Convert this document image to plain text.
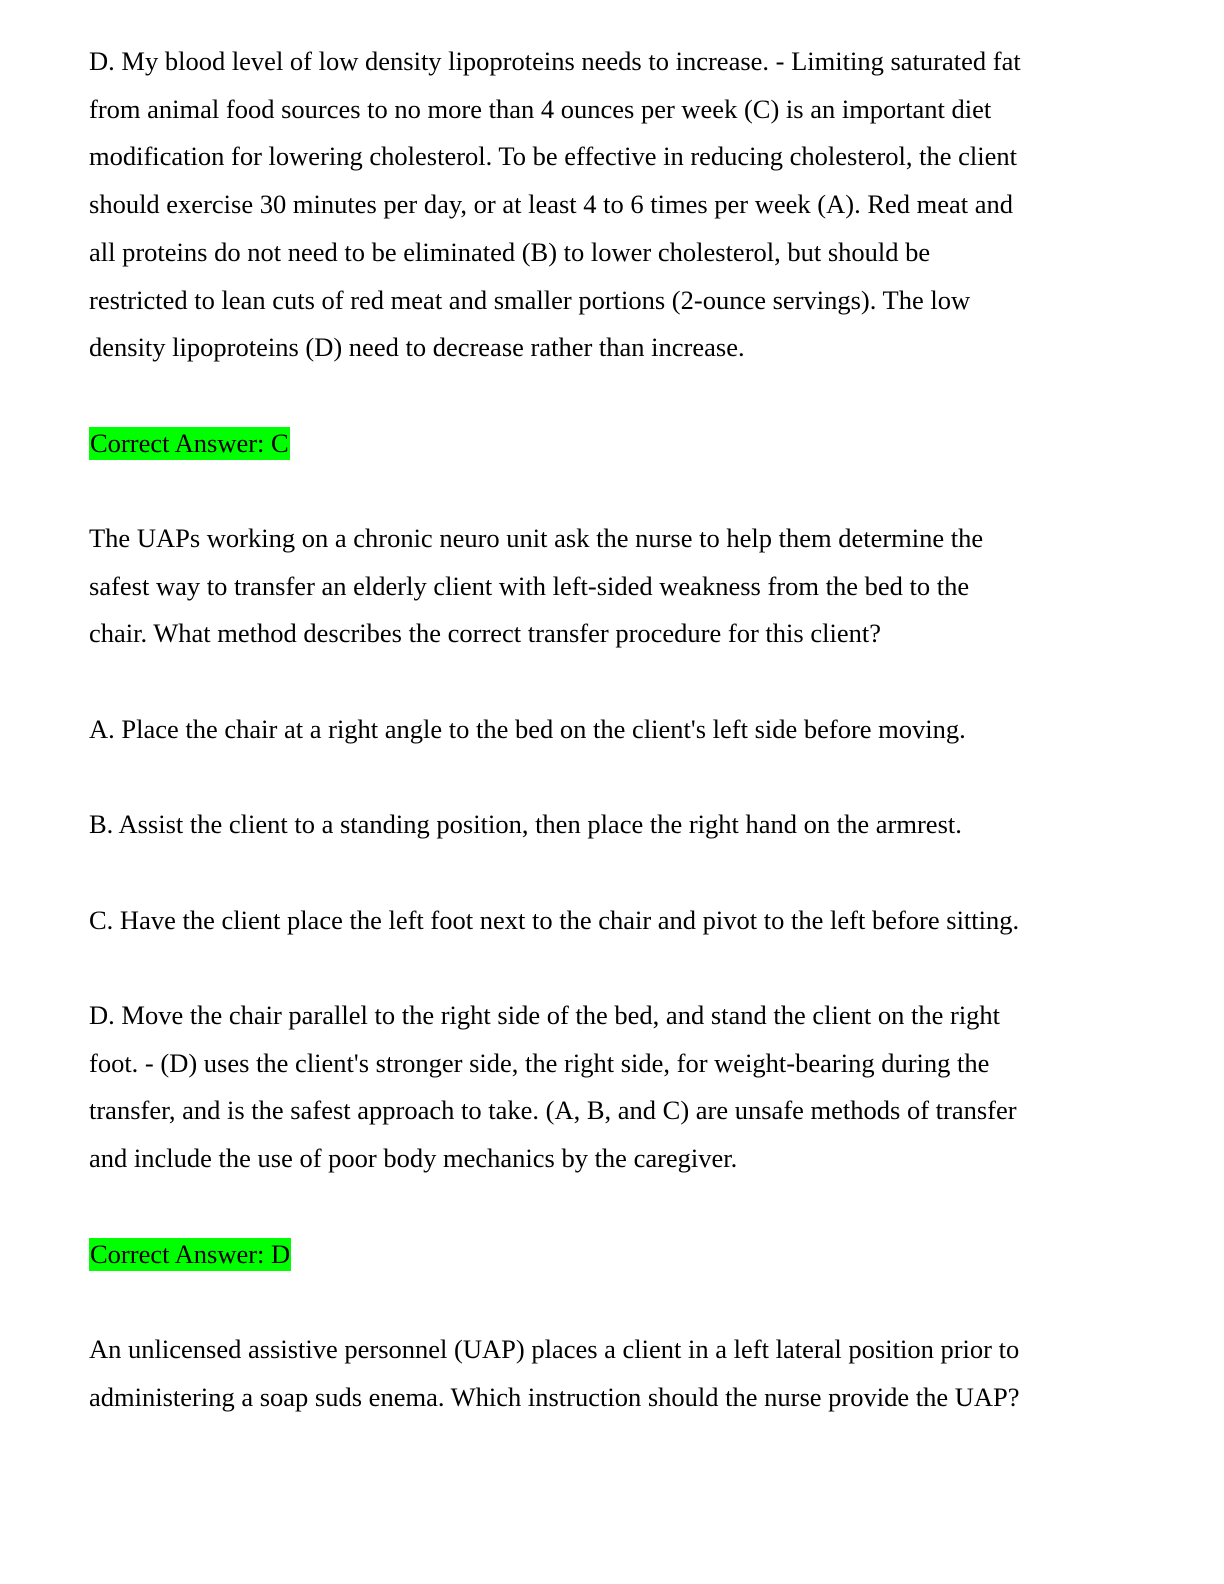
D. My blood level of low density lipoproteins needs to increase. - Limiting saturated fat
from animal food sources to no more than 4 ounces per week (C) is an important diet
modification for lowering cholesterol. To be effective in reducing cholesterol, the client
should exercise 30 minutes per day, or at least 4 to 6 times per week (A). Red meat and
all proteins do not need to be eliminated (B) to lower cholesterol, but should be
restricted to lean cuts of red meat and smaller portions (2-ounce servings). The low
density lipoproteins (D) need to decrease rather than increase.

Correct Answer: C

The UAPs working on a chronic neuro unit ask the nurse to help them determine the
safest way to transfer an elderly client with left-sided weakness from the bed to the
chair. What method describes the correct transfer procedure for this client?

A. Place the chair at a right angle to the bed on the client's left side before moving.

B. Assist the client to a standing position, then place the right hand on the armrest.

C. Have the client place the left foot next to the chair and pivot to the left before sitting.

D. Move the chair parallel to the right side of the bed, and stand the client on the right
foot. - (D) uses the client's stronger side, the right side, for weight-bearing during the
transfer, and is the safest approach to take. (A, B, and C) are unsafe methods of transfer
and include the use of poor body mechanics by the caregiver.

Correct Answer: D

An unlicensed assistive personnel (UAP) places a client in a left lateral position prior to
administering a soap suds enema. Which instruction should the nurse provide the UAP?
